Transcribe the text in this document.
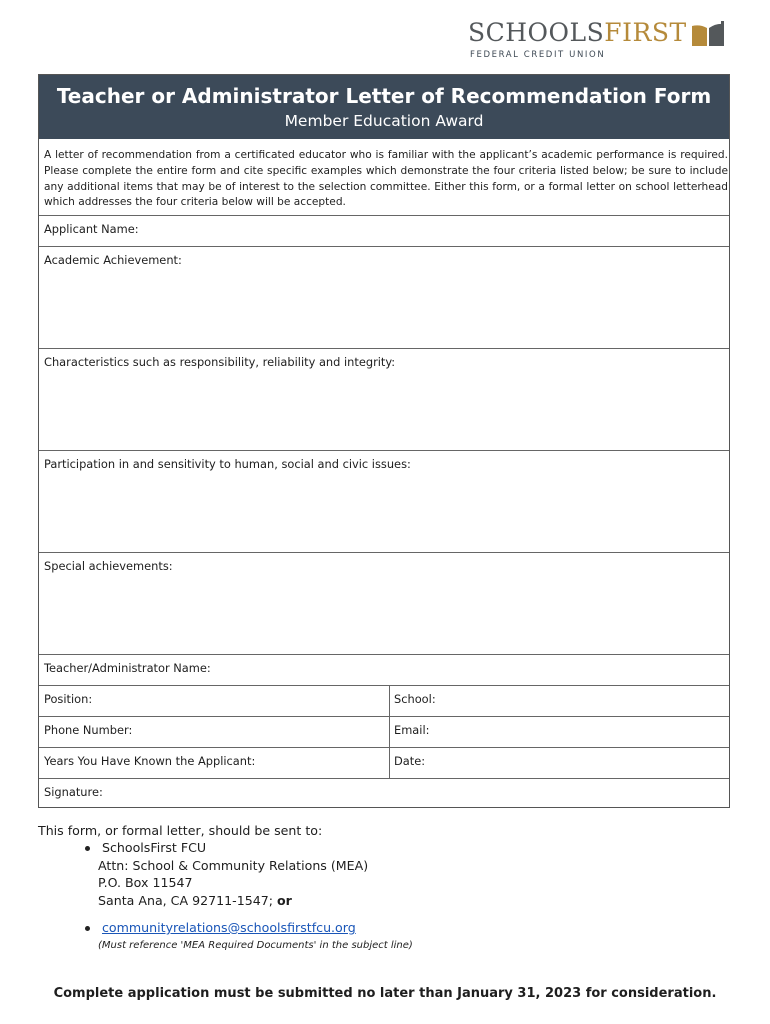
SCHOOLSFIRST
FEDERAL CREDIT UNION
Teacher or Administrator Letter of Recommendation Form
Member Education Award
A letter of recommendation from a certificated educator who is familiar with the applicant’s academic performance is required. Please complete the entire form and cite specific examples which demonstrate the four criteria listed below; be sure to include any additional items that may be of interest to the selection committee. Either this form, or a formal letter on school letterhead which addresses the four criteria below will be accepted.
Applicant Name:
Academic Achievement:
Characteristics such as responsibility, reliability and integrity:
Participation in and sensitivity to human, social and civic issues:
Special achievements:
Teacher/Administrator Name:
Position:	School:
Phone Number:	Email:
Years You Have Known the Applicant:	Date:
Signature:
This form, or formal letter, should be sent to:
SchoolsFirst FCU
Attn: School & Community Relations (MEA)
P.O. Box 11547
Santa Ana, CA 92711-1547; or
communityrelations@schoolsfirstfcu.org
(Must reference 'MEA Required Documents' in the subject line)
Complete application must be submitted no later than January 31, 2023 for consideration.
